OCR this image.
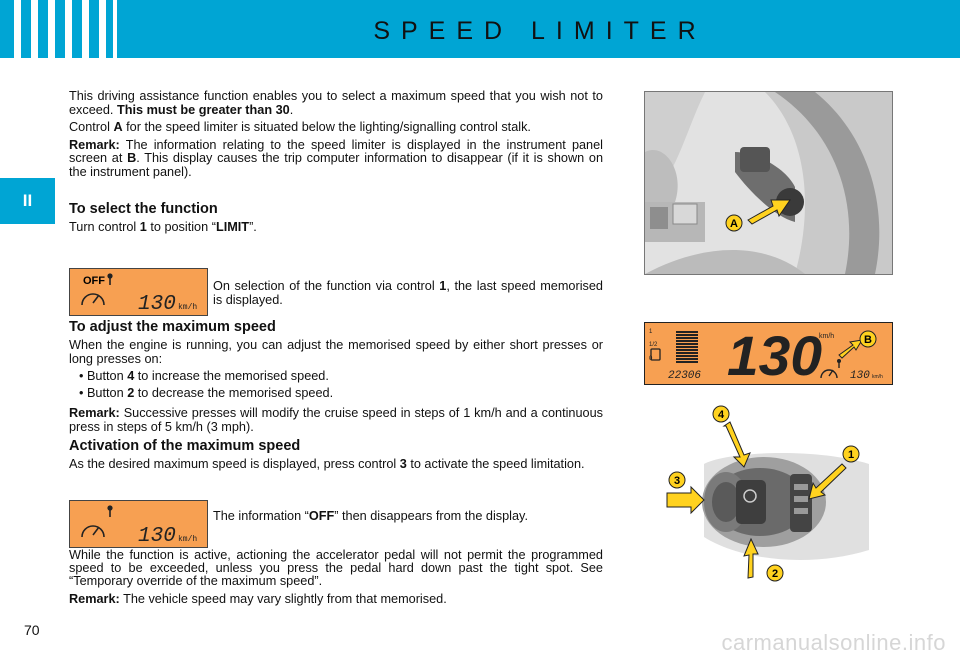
SPEED LIMITER
II

This driving assistance function enables you to select a maximum speed that you wish not to exceed. This must be greater than 30.

Control A for the speed limiter is situated below the lighting/signalling control stalk.

Remark: The information relating to the speed limiter is displayed in the instrument panel screen at B. This display causes the trip computer information to disappear (if it is shown on the instrument panel).

To select the function
Turn control 1 to position “LIMIT”.
OFF
130 km/h
On selection of the function via control 1, the last speed memorised is displayed.
To adjust the maximum speed

When the engine is running, you can adjust the memorised speed by either short presses or long presses on:

• Button 4 to increase the memorised speed.

• Button 2 to decrease the memorised speed.

Remark: Successive presses will modify the cruise speed in steps of 1 km/h and a continuous press in steps of 5 km/h (3 mph).

Activation of the maximum speed
As the desired maximum speed is displayed, press control 3 to activate the speed limitation.
130 km/h
The information “OFF” then disappears from the display.

While the function is active, actioning the accelerator pedal will not permit the programmed speed to be exceeded, unless you press the pedal hard down past the tight spot. See “Temporary override of the maximum speed”.

Remark: The vehicle speed may vary slightly from that memorised.

A
1
1/2
0
22306 130
km/h
130 km/h
B
4
1
3
2
70	carmanualsonline.info
